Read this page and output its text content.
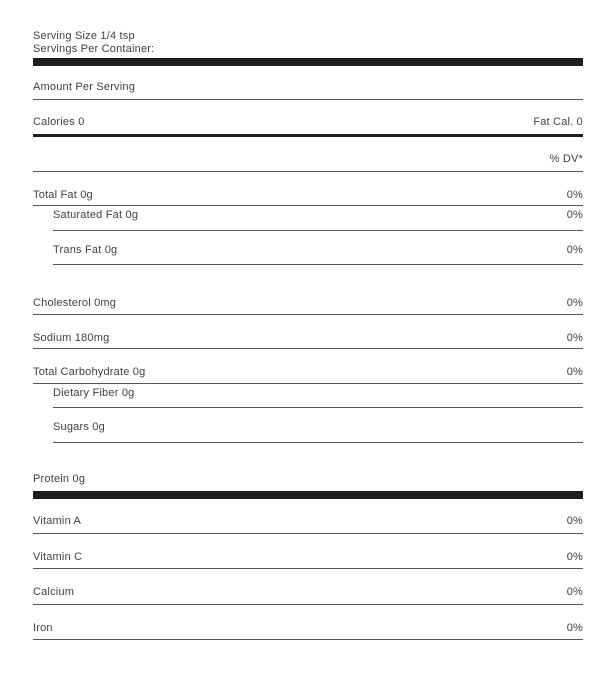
Serving Size 1/4 tsp
Servings Per Container:
Amount Per Serving
Calories 0	Fat Cal. 0
% DV*
Total Fat 0g	0%
Saturated Fat 0g	0%
Trans Fat 0g	0%
Cholesterol 0mg	0%
Sodium 180mg	0%
Total Carbohydrate 0g	0%
Dietary Fiber 0g
Sugars 0g
Protein 0g
Vitamin A	0%
Vitamin C	0%
Calcium	0%
Iron	0%
